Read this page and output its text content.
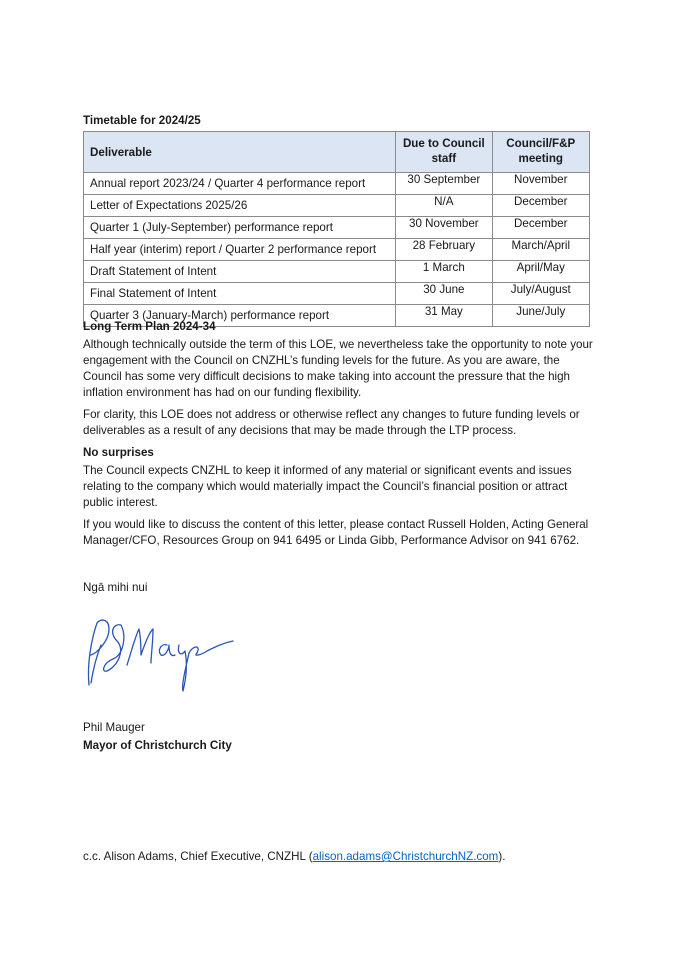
Timetable for 2024/25
Deliverable	Due to Council staff	Council/F&P meeting
Annual report 2023/24 / Quarter 4 performance report	30 September	November
Letter of Expectations 2025/26	N/A	December
Quarter 1 (July-September) performance report	30 November	December
Half year (interim) report / Quarter 2 performance report	28 February	March/April
Draft Statement of Intent	1 March	April/May
Final Statement of Intent	30 June	July/August
Quarter 3 (January-March) performance report	31 May	June/July
Long Term Plan 2024-34
Although technically outside the term of this LOE, we nevertheless take the opportunity to note your
engagement with the Council on CNZHL’s funding levels for the future. As you are aware, the
Council has some very difficult decisions to make taking into account the pressure that the high
inflation environment has had on our funding flexibility.
For clarity, this LOE does not address or otherwise reflect any changes to future funding levels or
deliverables as a result of any decisions that may be made through the LTP process.
No surprises
The Council expects CNZHL to keep it informed of any material or significant events and issues
relating to the company which would materially impact the Council’s financial position or attract
public interest.
If you would like to discuss the content of this letter, please contact Russell Holden, Acting General
Manager/CFO, Resources Group on 941 6495 or Linda Gibb, Performance Advisor on 941 6762.
Ngā mihi nui
Phil Mauger
Mayor of Christchurch City
c.c. Alison Adams, Chief Executive, CNZHL (alison.adams@ChristchurchNZ.com).
